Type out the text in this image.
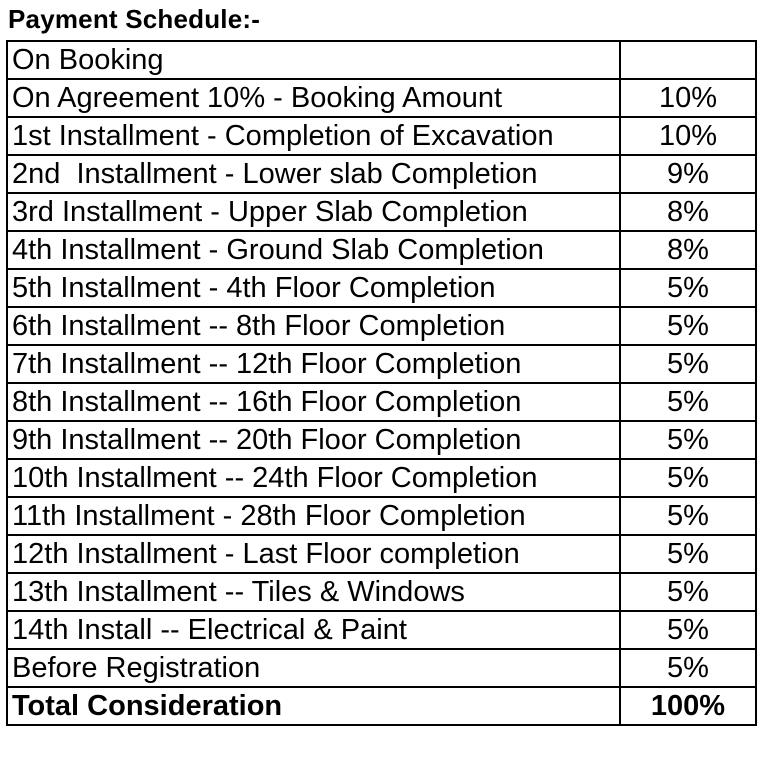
Payment Schedule:-
On Booking	
On Agreement 10% - Booking Amount	10%
1st Installment - Completion of Excavation	10%
2nd  Installment - Lower slab Completion	9%
3rd Installment - Upper Slab Completion	8%
4th Installment - Ground Slab Completion	8%
5th Installment - 4th Floor Completion	5%
6th Installment -- 8th Floor Completion	5%
7th Installment -- 12th Floor Completion	5%
8th Installment -- 16th Floor Completion	5%
9th Installment -- 20th Floor Completion	5%
10th Installment -- 24th Floor Completion	5%
11th Installment - 28th Floor Completion	5%
12th Installment - Last Floor completion	5%
13th Installment -- Tiles & Windows	5%
14th Install -- Electrical & Paint	5%
Before Registration	5%
Total Consideration	100%
